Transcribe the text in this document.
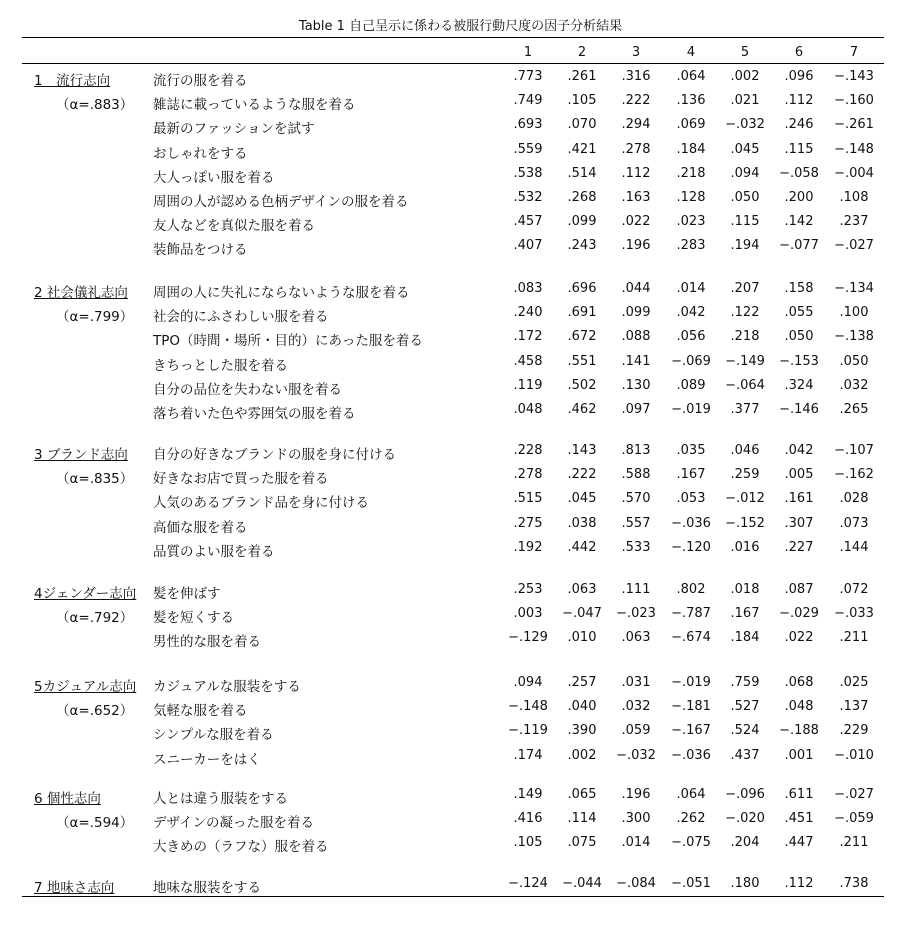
Table 1 自己呈示に係わる被服行動尺度の因子分析結果
1	2	3	4	5	6	7
1　流行志向	流行の服を着る	.773	.261	.316	.064	.002	.096	−.143
（α=.883） 雑誌に載っているような服を着る	.749	.105	.222	.136	.021	.112	−.160
最新のファッションを試す	.693	.070	.294	.069	−.032	.246	−.261
おしゃれをする	.559	.421	.278	.184	.045	.115	−.148
大人っぽい服を着る	.538	.514	.112	.218	.094	−.058 −.004
周囲の人が認める色柄デザインの服を着る	.532	.268	.163	.128	.050	.200	.108
友人などを真似た服を着る	.457	.099	.022	.023	.115	.142	.237
装飾品をつける	.407	.243	.196	.283	.194	−.077 −.027
2 社会儀礼志向 周囲の人に失礼にならないような服を着る	.083	.696	.044	.014	.207	.158	−.134
（α=.799） 社会的にふさわしい服を着る	.240	.691	.099	.042	.122	.055	.100
TPO（時間・場所・目的）にあった服を着る	.172	.672	.088	.056	.218	.050	−.138
きちっとした服を着る	.458	.551	.141	−.069 −.149 −.153	.050
自分の品位を失わない服を着る	.119	.502	.130	.089	−.064	.324	.032
落ち着いた色や雰囲気の服を着る	.048	.462	.097	−.019	.377	−.146	.265
3 ブランド志向 自分の好きなブランドの服を身に付ける	.228	.143	.813	.035	.046	.042	−.107
（α=.835） 好きなお店で買った服を着る	.278	.222	.588	.167	.259	.005	−.162
人気のあるブランド品を身に付ける	.515	.045	.570	.053	−.012	.161	.028
高価な服を着る	.275	.038	.557	−.036 −.152	.307	.073
品質のよい服を着る	.192	.442	.533	−.120	.016	.227	.144
4ジェンダー志向 髪を伸ばす	.253	.063	.111	.802	.018	.087	.072
（α=.792） 髪を短くする	.003	−.047 −.023 −.787	.167	−.029 −.033
男性的な服を着る	−.129	.010	.063	−.674	.184	.022	.211
5カジュアル志向 カジュアルな服装をする	.094	.257	.031	−.019	.759	.068	.025
（α=.652） 気軽な服を着る	−.148	.040	.032	−.181	.527	.048	.137
シンプルな服を着る	−.119	.390	.059	−.167	.524	−.188	.229
スニーカーをはく	.174	.002	−.032 −.036	.437	.001	−.010
6 個性志向	人とは違う服装をする	.149	.065	.196	.064	−.096	.611	−.027
（α=.594） デザインの凝った服を着る	.416	.114	.300	.262	−.020	.451	−.059
大きめの（ラフな）服を着る	.105	.075	.014	−.075	.204	.447	.211
7 地味さ志向	地味な服装をする	−.124 −.044 −.084 −.051	.180	.112	.738
